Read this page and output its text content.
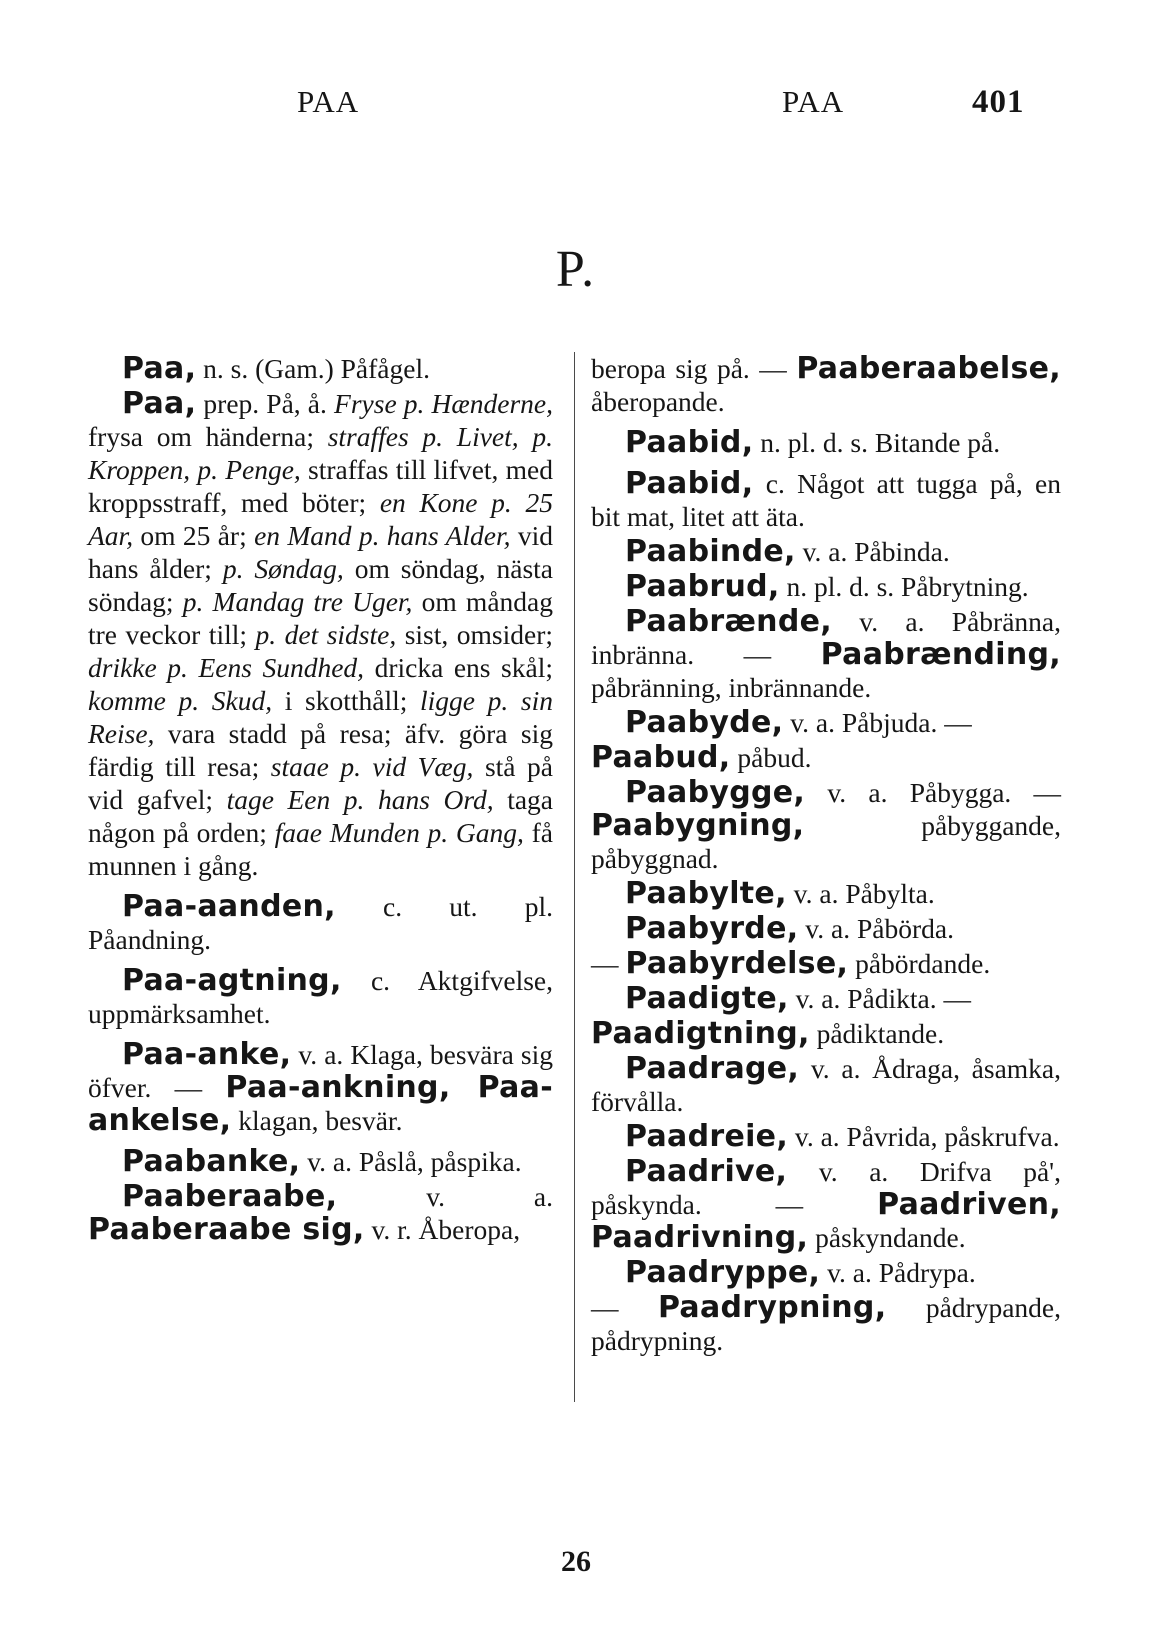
PAA	PAA	401
P.
Paa, n. s. (Gam.) Påfågel.
Paa, prep. På, å. Fryse p. Hænderne, frysa om händerna; straffes p. Livet, p. Kroppen, p. Penge, straffas till lifvet, med kroppsstraff, med böter; en Kone p. 25 Aar, om 25 år; en Mand p. hans Alder, vid hans ålder; p. Søndag, om söndag, nästa söndag; p. Mandag tre Uger, om måndag tre veckor till; p. det sidste, sist, omsider; drikke p. Eens Sundhed, dricka ens skål; komme p. Skud, i skotthåll; ligge p. sin Reise, vara stadd på resa; äfv. göra sig färdig till resa; staae p. vid Væg, stå på vid gafvel; tage Een p. hans Ord, taga någon på orden; faae Munden p. Gang, få munnen i gång.
Paa-aanden, c. ut. pl. Påandning.
Paa-agtning, c. Aktgifvelse, uppmärksamhet.
Paa-anke, v. a. Klaga, besvära sig öfver. — Paa-ankning, Paa-ankelse, klagan, besvär.
Paabanke, v. a. Påslå, påspika.
Paaberaabe,	v. a. Paaberaabe sig, v. r. Åberopa,
beropa sig på. — Paaberaabelse, åberopande.
Paabid, n. pl. d. s. Bitande på.
Paabid, c. Något att tugga på, en bit mat, litet att äta.
Paabinde, v. a. Påbinda.
Paabrud, n. pl. d. s. Påbrytning.
Paabrænde, v. a. Påbränna, inbränna. — Paabrænding, påbränning, inbrännande.
Paabyde, v. a. Påbjuda. —
Paabud, påbud.
Paabygge, v. a. Påbygga. — Paabygning, påbyggande, påbyggnad.
Paabylte, v. a. Påbylta.
Paabyrde, v. a. Påbörda.
— Paabyrdelse, påbördande.
Paadigte, v. a. Pådikta. —
Paadigtning, pådiktande.
Paadrage, v. a. Ådraga, åsamka, förvålla.
Paadreie, v. a. Påvrida, påskrufva.
Paadrive, v. a. Drifva på', påskynda. — Paadriven, Paadrivning, påskyndande.
Paadryppe, v. a. Pådrypa.
— Paadrypning, pådrypande, pådrypning.
26
